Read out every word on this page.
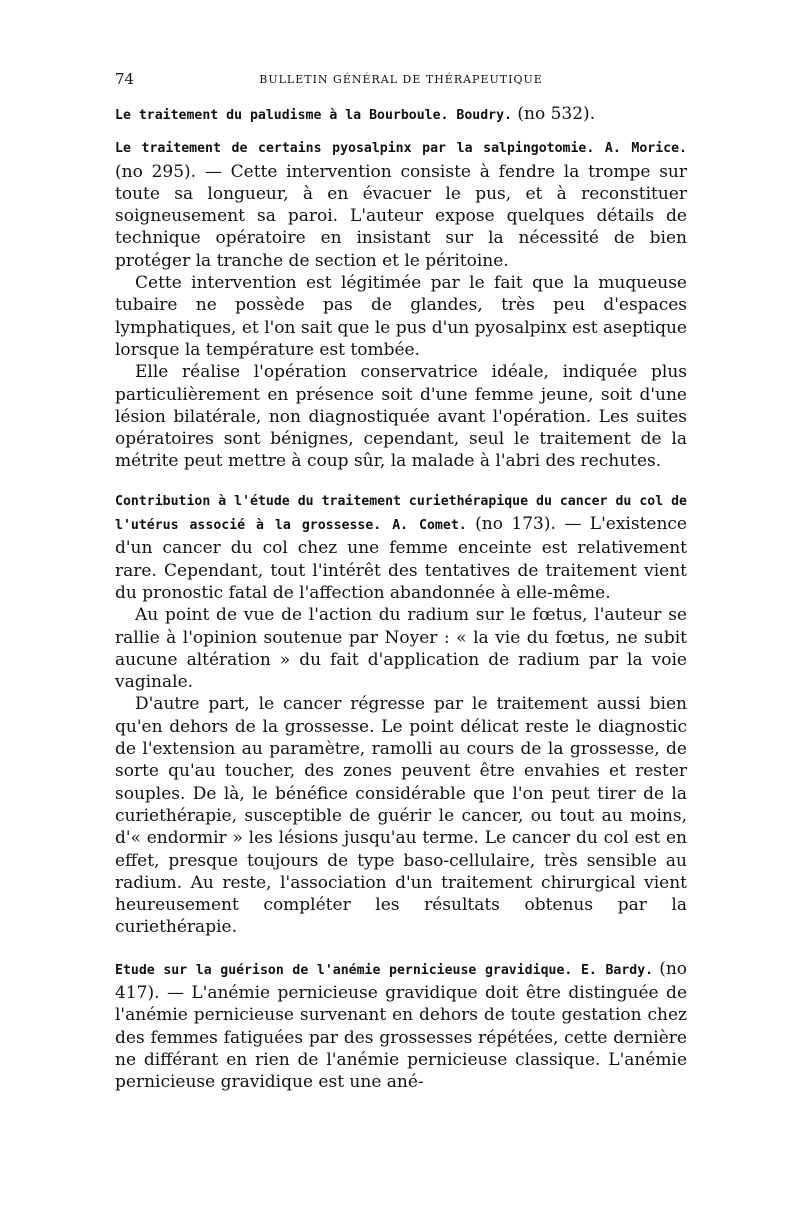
74	BULLETIN GÉNÉRAL DE THÉRAPEUTIQUE

Le traitement du paludisme à la Bourboule. Boudry. (no 532).

Le traitement de certains pyosalpinx par la salpingotomie. A. Morice. (no 295). — Cette intervention consiste à fendre la trompe sur toute sa longueur, à en évacuer le pus, et à reconstituer soigneusement sa paroi. L'auteur expose quelques détails de technique opératoire en insistant sur la nécessité de bien protéger la tranche de section et le péritoine.

Cette intervention est légitimée par le fait que la muqueuse tubaire ne possède pas de glandes, très peu d'espaces lymphatiques, et l'on sait que le pus d'un pyosalpinx est aseptique lorsque la température est tombée.

Elle réalise l'opération conservatrice idéale, indiquée plus particulièrement en présence soit d'une femme jeune, soit d'une lésion bilatérale, non diagnostiquée avant l'opération. Les suites opératoires sont bénignes, cependant, seul le traitement de la métrite peut mettre à coup sûr, la malade à l'abri des rechutes.

Contribution à l'étude du traitement curiethérapique du cancer du col de l'utérus associé à la grossesse. A. Comet. (no 173). — L'existence d'un cancer du col chez une femme enceinte est relativement rare. Cependant, tout l'intérêt des tentatives de traitement vient du pronostic fatal de l'affection abandonnée à elle-même.

Au point de vue de l'action du radium sur le fœtus, l'auteur se rallie à l'opinion soutenue par Noyer : « la vie du fœtus, ne subit aucune altération » du fait d'application de radium par la voie vaginale.

D'autre part, le cancer régresse par le traitement aussi bien qu'en dehors de la grossesse. Le point délicat reste le diagnostic de l'extension au paramètre, ramolli au cours de la grossesse, de sorte qu'au toucher, des zones peuvent être envahies et rester souples. De là, le bénéfice considérable que l'on peut tirer de la curiethérapie, susceptible de guérir le cancer, ou tout au moins, d'« endormir » les lésions jusqu'au terme. Le cancer du col est en effet, presque toujours de type baso-cellulaire, très sensible au radium. Au reste, l'association d'un traitement chirurgical vient heureusement compléter les résultats obtenus par la curiethérapie.

Etude sur la guérison de l'anémie pernicieuse gravidique. E. Bardy. (no 417). — L'anémie pernicieuse gravidique doit être distinguée de l'anémie pernicieuse survenant en dehors de toute gestation chez des femmes fatiguées par des grossesses répétées, cette dernière ne différant en rien de l'anémie pernicieuse classique. L'anémie pernicieuse gravidique est une ané-
